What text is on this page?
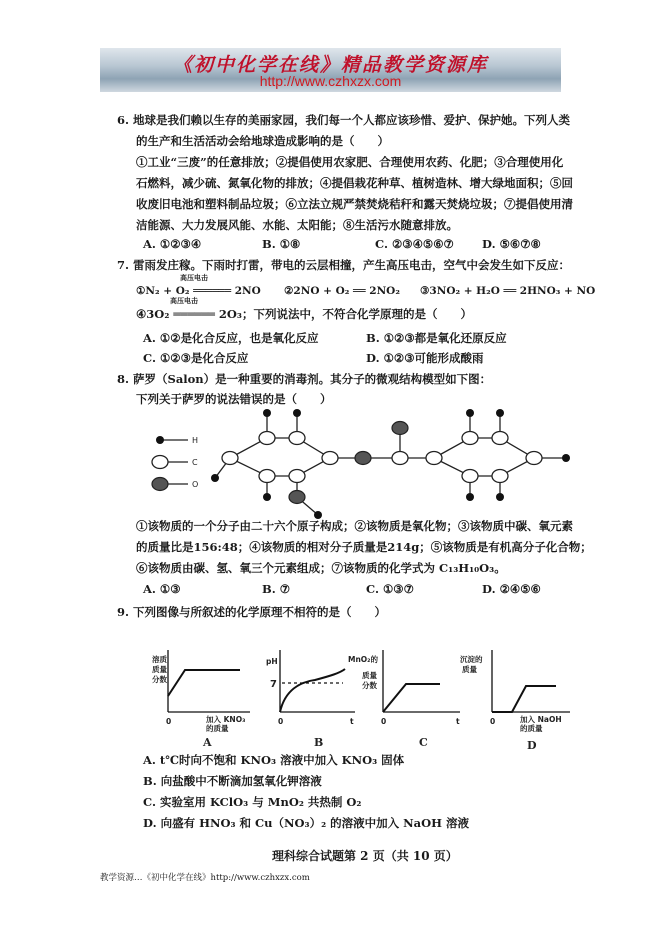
《初中化学在线》精品教学资源库
http://www.czhxzx.com
6. 地球是我们赖以生存的美丽家园，我们每一个人都应该珍惜、爱护、保护她。下列人类
的生产和生活活动会给地球造成影响的是（　　）
①工业“三废”的任意排放；②提倡使用农家肥、合理使用农药、化肥；③合理使用化
石燃料，减少硫、氮氧化物的排放；④提倡栽花种草、植树造林、增大绿地面积；⑤回
收废旧电池和塑料制品垃圾；⑥立法立规严禁焚烧秸秆和露天焚烧垃圾；⑦提倡使用清
洁能源、大力发展风能、水能、太阳能；⑧生活污水随意排放。
A. ①②③④	B. ①⑧	C. ②③④⑤⑥⑦ D. ⑤⑥⑦⑧
7. 雷雨发庄稼。下雨时打雷，带电的云层相撞，产生高压电击，空气中会发生如下反应：
①N₂ + O₂ ══════ 2NO
高压电击
②2NO + O₂ ══ 2NO₂ ③3NO₂ + H₂O ══ 2HNO₃ + NO
④3O₂ ══════ 2O₃；下列说法中，不符合化学原理的是（　　）
高压电击
A. ①②是化合反应，也是氧化反应	B. ①②③都是氧化还原反应
C. ①②③是化合反应	D. ①②③可能形成酸雨
8. 萨罗（Salon）是一种重要的消毒剂。其分子的微观结构模型如下图：
下列关于萨罗的说法错误的是（　　）
H
C
O
溶质
质量
分数
0	加入 KNO₃
的质量
pH
7
0	t
MnO₂的
质量
分数
0	t
沉淀的
质量
0	加入 NaOH
的质量
A	B	C	D
①该物质的一个分子由二十六个原子构成；②该物质是氧化物；③该物质中碳、氧元素
的质量比是156:48；④该物质的相对分子质量是214g；⑤该物质是有机高分子化合物；
⑥该物质由碳、氢、氧三个元素组成；⑦该物质的化学式为 C₁₃H₁₀O₃。
A. ①③	B. ⑦	C. ①③⑦	D. ②④⑤⑥
9. 下列图像与所叙述的化学原理不相符的是（　　）
A. t℃时向不饱和 KNO₃ 溶液中加入 KNO₃ 固体
B. 向盐酸中不断滴加氢氧化钾溶液
C. 实验室用 KClO₃ 与 MnO₂ 共热制 O₂
D. 向盛有 HNO₃ 和 Cu（NO₃）₂ 的溶液中加入 NaOH 溶液
理科综合试题第 2 页（共 10 页）
教学资源…《初中化学在线》http://www.czhxzx.com
